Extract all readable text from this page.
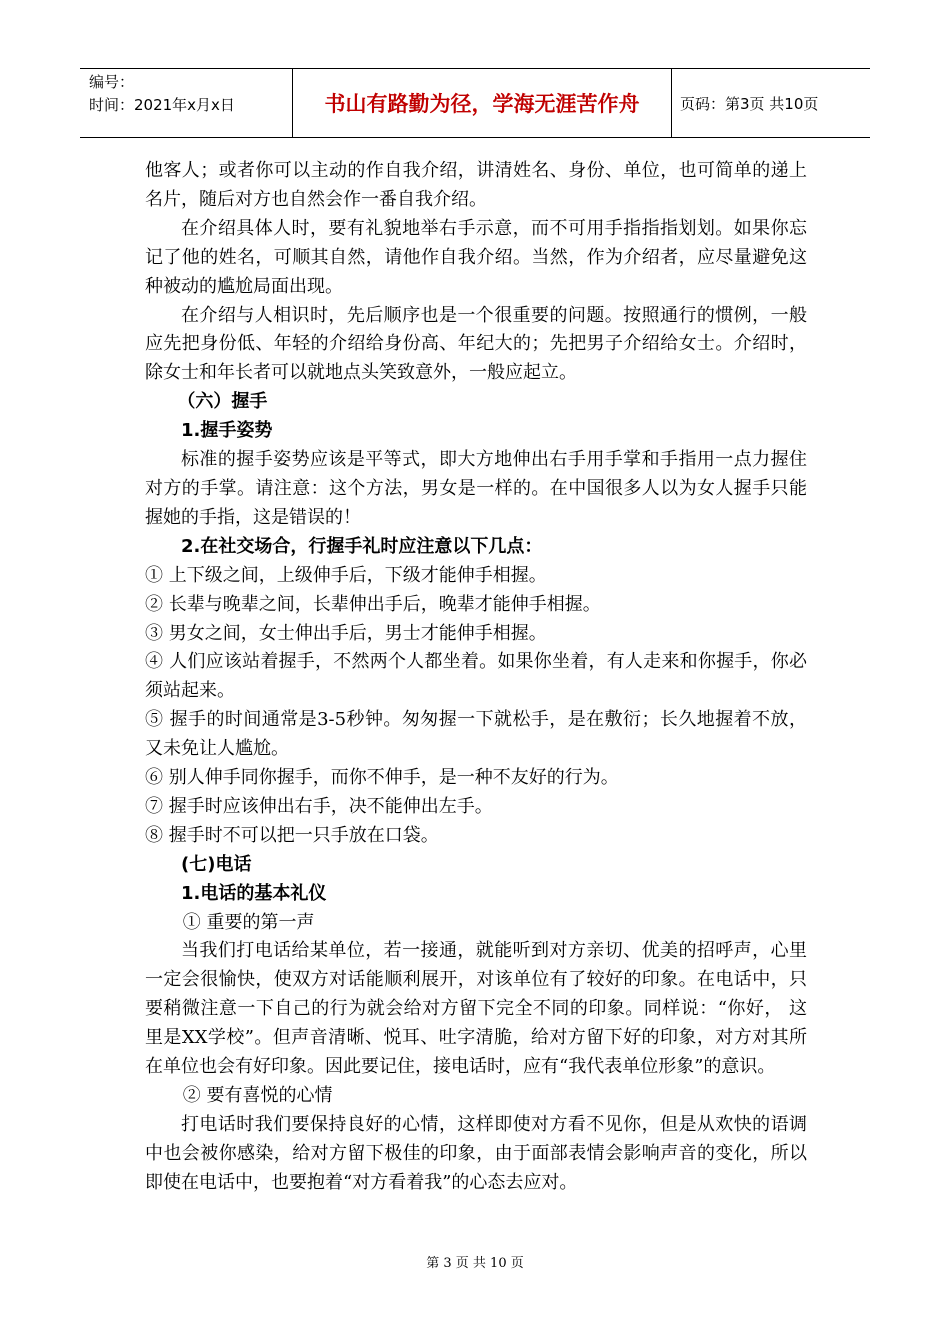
编号：
时间：2021年x月x日	书山有路勤为径，学海无涯苦作舟	页码：第3页 共10页

他客人；或者你可以主动的作自我介绍，讲清姓名、身份、单位，也可简单的递上名片，随后对方也自然会作一番自我介绍。

在介绍具体人时，要有礼貌地举右手示意，而不可用手指指指划划。如果你忘记了他的姓名，可顺其自然，请他作自我介绍。当然，作为介绍者，应尽量避免这种被动的尴尬局面出现。

在介绍与人相识时，先后顺序也是一个很重要的问题。按照通行的惯例，一般应先把身份低、年轻的介绍给身份高、年纪大的；先把男子介绍给女士。介绍时，除女士和年长者可以就地点头笑致意外，一般应起立。

（六）握手

1.握手姿势

标准的握手姿势应该是平等式，即大方地伸出右手用手掌和手指用一点力握住对方的手掌。请注意：这个方法，男女是一样的。在中国很多人以为女人握手只能握她的手指，这是错误的！

2.在社交场合，行握手礼时应注意以下几点：

① 上下级之间，上级伸手后，下级才能伸手相握。

② 长辈与晚辈之间，长辈伸出手后，晚辈才能伸手相握。

③ 男女之间，女士伸出手后，男士才能伸手相握。

④ 人们应该站着握手，不然两个人都坐着。如果你坐着，有人走来和你握手，你必须站起来。

⑤ 握手的时间通常是3-5秒钟。匆匆握一下就松手，是在敷衍；长久地握着不放，又未免让人尴尬。

⑥ 别人伸手同你握手，而你不伸手，是一种不友好的行为。

⑦ 握手时应该伸出右手，决不能伸出左手。

⑧ 握手时不可以把一只手放在口袋。

(七)电话

1.电话的基本礼仪

① 重要的第一声

当我们打电话给某单位，若一接通，就能听到对方亲切、优美的招呼声，心里一定会很愉快，使双方对话能顺利展开，对该单位有了较好的印象。在电话中，只要稍微注意一下自己的行为就会给对方留下完全不同的印象。同样说：“你好， 这里是XX学校”。但声音清晰、悦耳、吐字清脆，给对方留下好的印象，对方对其所在单位也会有好印象。因此要记住，接电话时，应有“我代表单位形象”的意识。

② 要有喜悦的心情

打电话时我们要保持良好的心情，这样即使对方看不见你，但是从欢快的语调中也会被你感染，给对方留下极佳的印象，由于面部表情会影响声音的变化，所以即使在电话中，也要抱着“对方看着我”的心态去应对。

第 3 页 共 10 页
